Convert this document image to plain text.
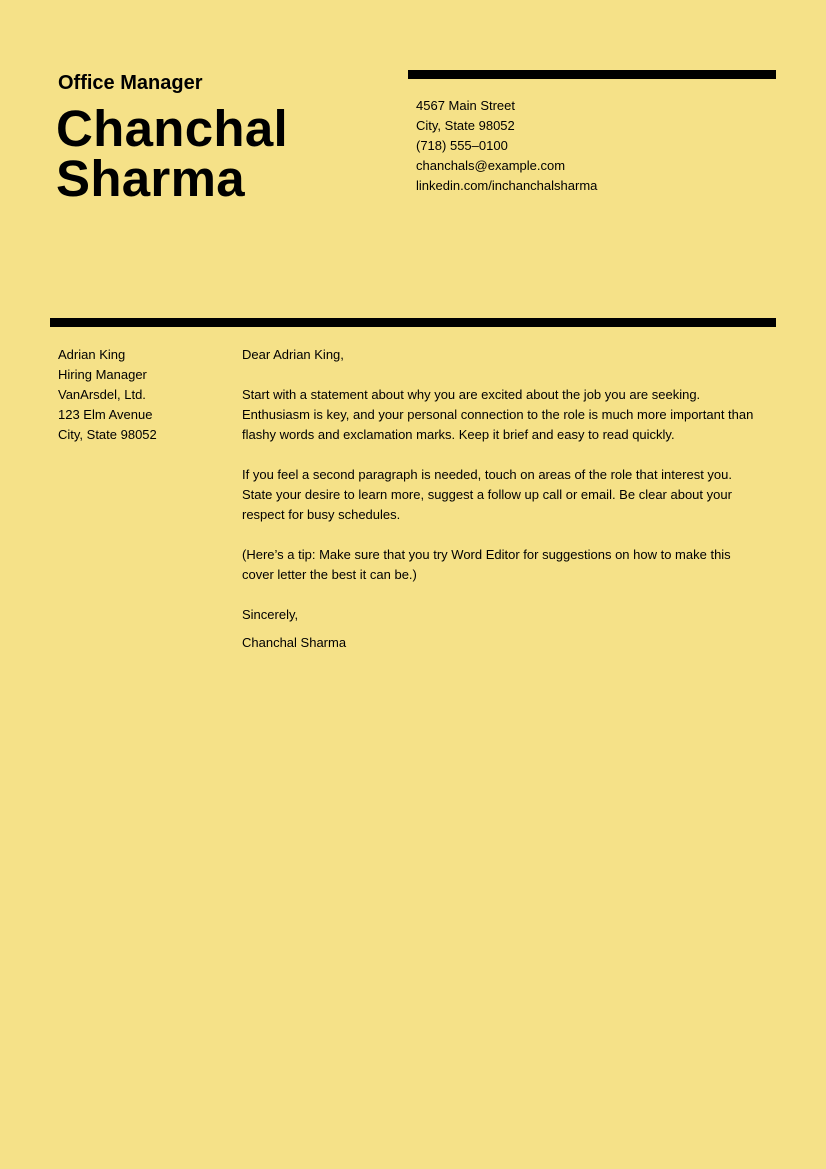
Office Manager
Chanchal
Sharma
4567 Main Street
City, State 98052
(718) 555–0100
chanchals@example.com
linkedin.com/inchanchalsharma
Adrian King
Hiring Manager
VanArsdel, Ltd.
123 Elm Avenue
City, State 98052

Dear Adrian King,

Start with a statement about why you are excited about the job you are seeking. Enthusiasm is key, and your personal connection to the role is much more important than flashy words and exclamation marks. Keep it brief and easy to read quickly.

If you feel a second paragraph is needed, touch on areas of the role that interest you. State your desire to learn more, suggest a follow up call or email. Be clear about your respect for busy schedules.

(Here’s a tip: Make sure that you try Word Editor for suggestions on how to make this cover letter the best it can be.)

Sincerely,

Chanchal Sharma
